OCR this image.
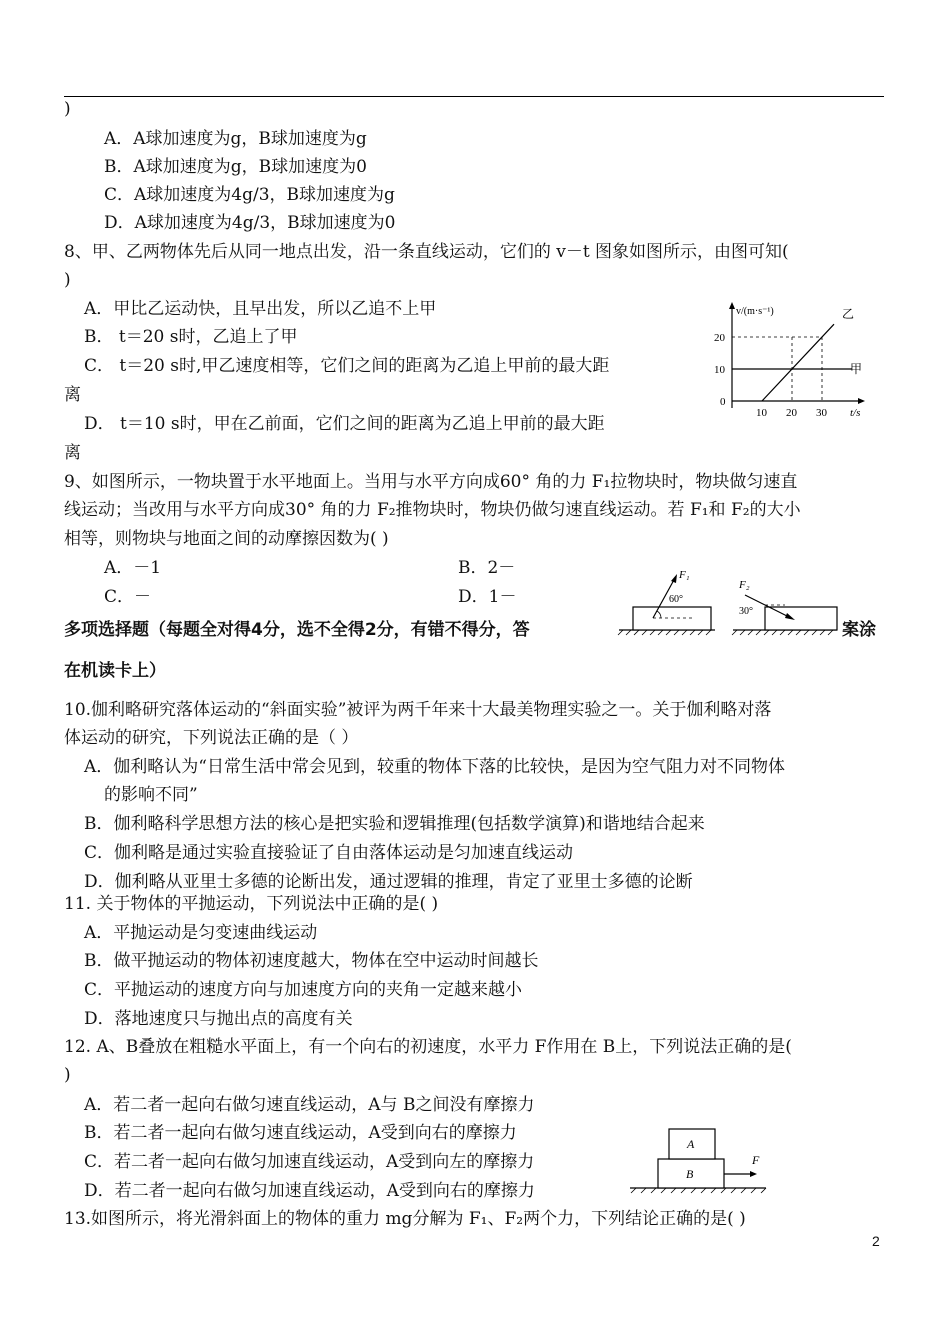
)
A．A球加速度为g，B球加速度为g
B．A球加速度为g，B球加速度为0
C．A球加速度为4g/3，B球加速度为g
D．A球加速度为4g/3，B球加速度为0
8、甲、乙两物体先后从同一地点出发，沿一条直线运动，它们的 v－t 图象如图所示，由图可知(
)
A．甲比乙运动快，且早出发，所以乙追不上甲
B． t＝20 s时，乙追上了甲
C． t＝20 s时,甲乙速度相等，它们之间的距离为乙追上甲前的最大距
离
D． t＝10 s时，甲在乙前面，它们之间的距离为乙追上甲前的最大距
离
v/(m·s⁻¹)
t/s
0
10
20
10 20 30
乙
甲
9、如图所示，一物块置于水平地面上。当用与水平方向成60° 角的力 F₁拉物块时，物块做匀速直
线运动；当改用与水平方向成30° 角的力 F₂推物块时，物块仍做匀速直线运动。若 F₁和 F₂的大小
相等，则物块与地面之间的动摩擦因数为( )
A．－1	B．2－
C．－	D．1－
F₁
60°
F₂
30°
多项选择题（每题全对得4分，选不全得2分，有错不得分，答	案涂
在机读卡上）
10.伽利略研究落体运动的“斜面实验”被评为两千年来十大最美物理实验之一。关于伽利略对落
体运动的研究，下列说法正确的是（ ）
A．伽利略认为“日常生活中常会见到，较重的物体下落的比较快，是因为空气阻力对不同物体
的影响不同”
B．伽利略科学思想方法的核心是把实验和逻辑推理(包括数学演算)和谐地结合起来
C．伽利略是通过实验直接验证了自由落体运动是匀加速直线运动
D．伽利略从亚里士多德的论断出发，通过逻辑的推理，肯定了亚里士多德的论断
11. 关于物体的平抛运动，下列说法中正确的是( )
A．平抛运动是匀变速曲线运动
B．做平抛运动的物体初速度越大，物体在空中运动时间越长
C．平抛运动的速度方向与加速度方向的夹角一定越来越小
D．落地速度只与抛出点的高度有关
12. A、B叠放在粗糙水平面上，有一个向右的初速度，水平力 F作用在 B上，下列说法正确的是(
)
A．若二者一起向右做匀速直线运动，A与 B之间没有摩擦力
B．若二者一起向右做匀速直线运动，A受到向右的摩擦力
C．若二者一起向右做匀加速直线运动，A受到向左的摩擦力
D．若二者一起向右做匀加速直线运动，A受到向右的摩擦力
A
B
F
13.如图所示，将光滑斜面上的物体的重力 mg分解为 F₁、F₂两个力，下列结论正确的是( )
2
